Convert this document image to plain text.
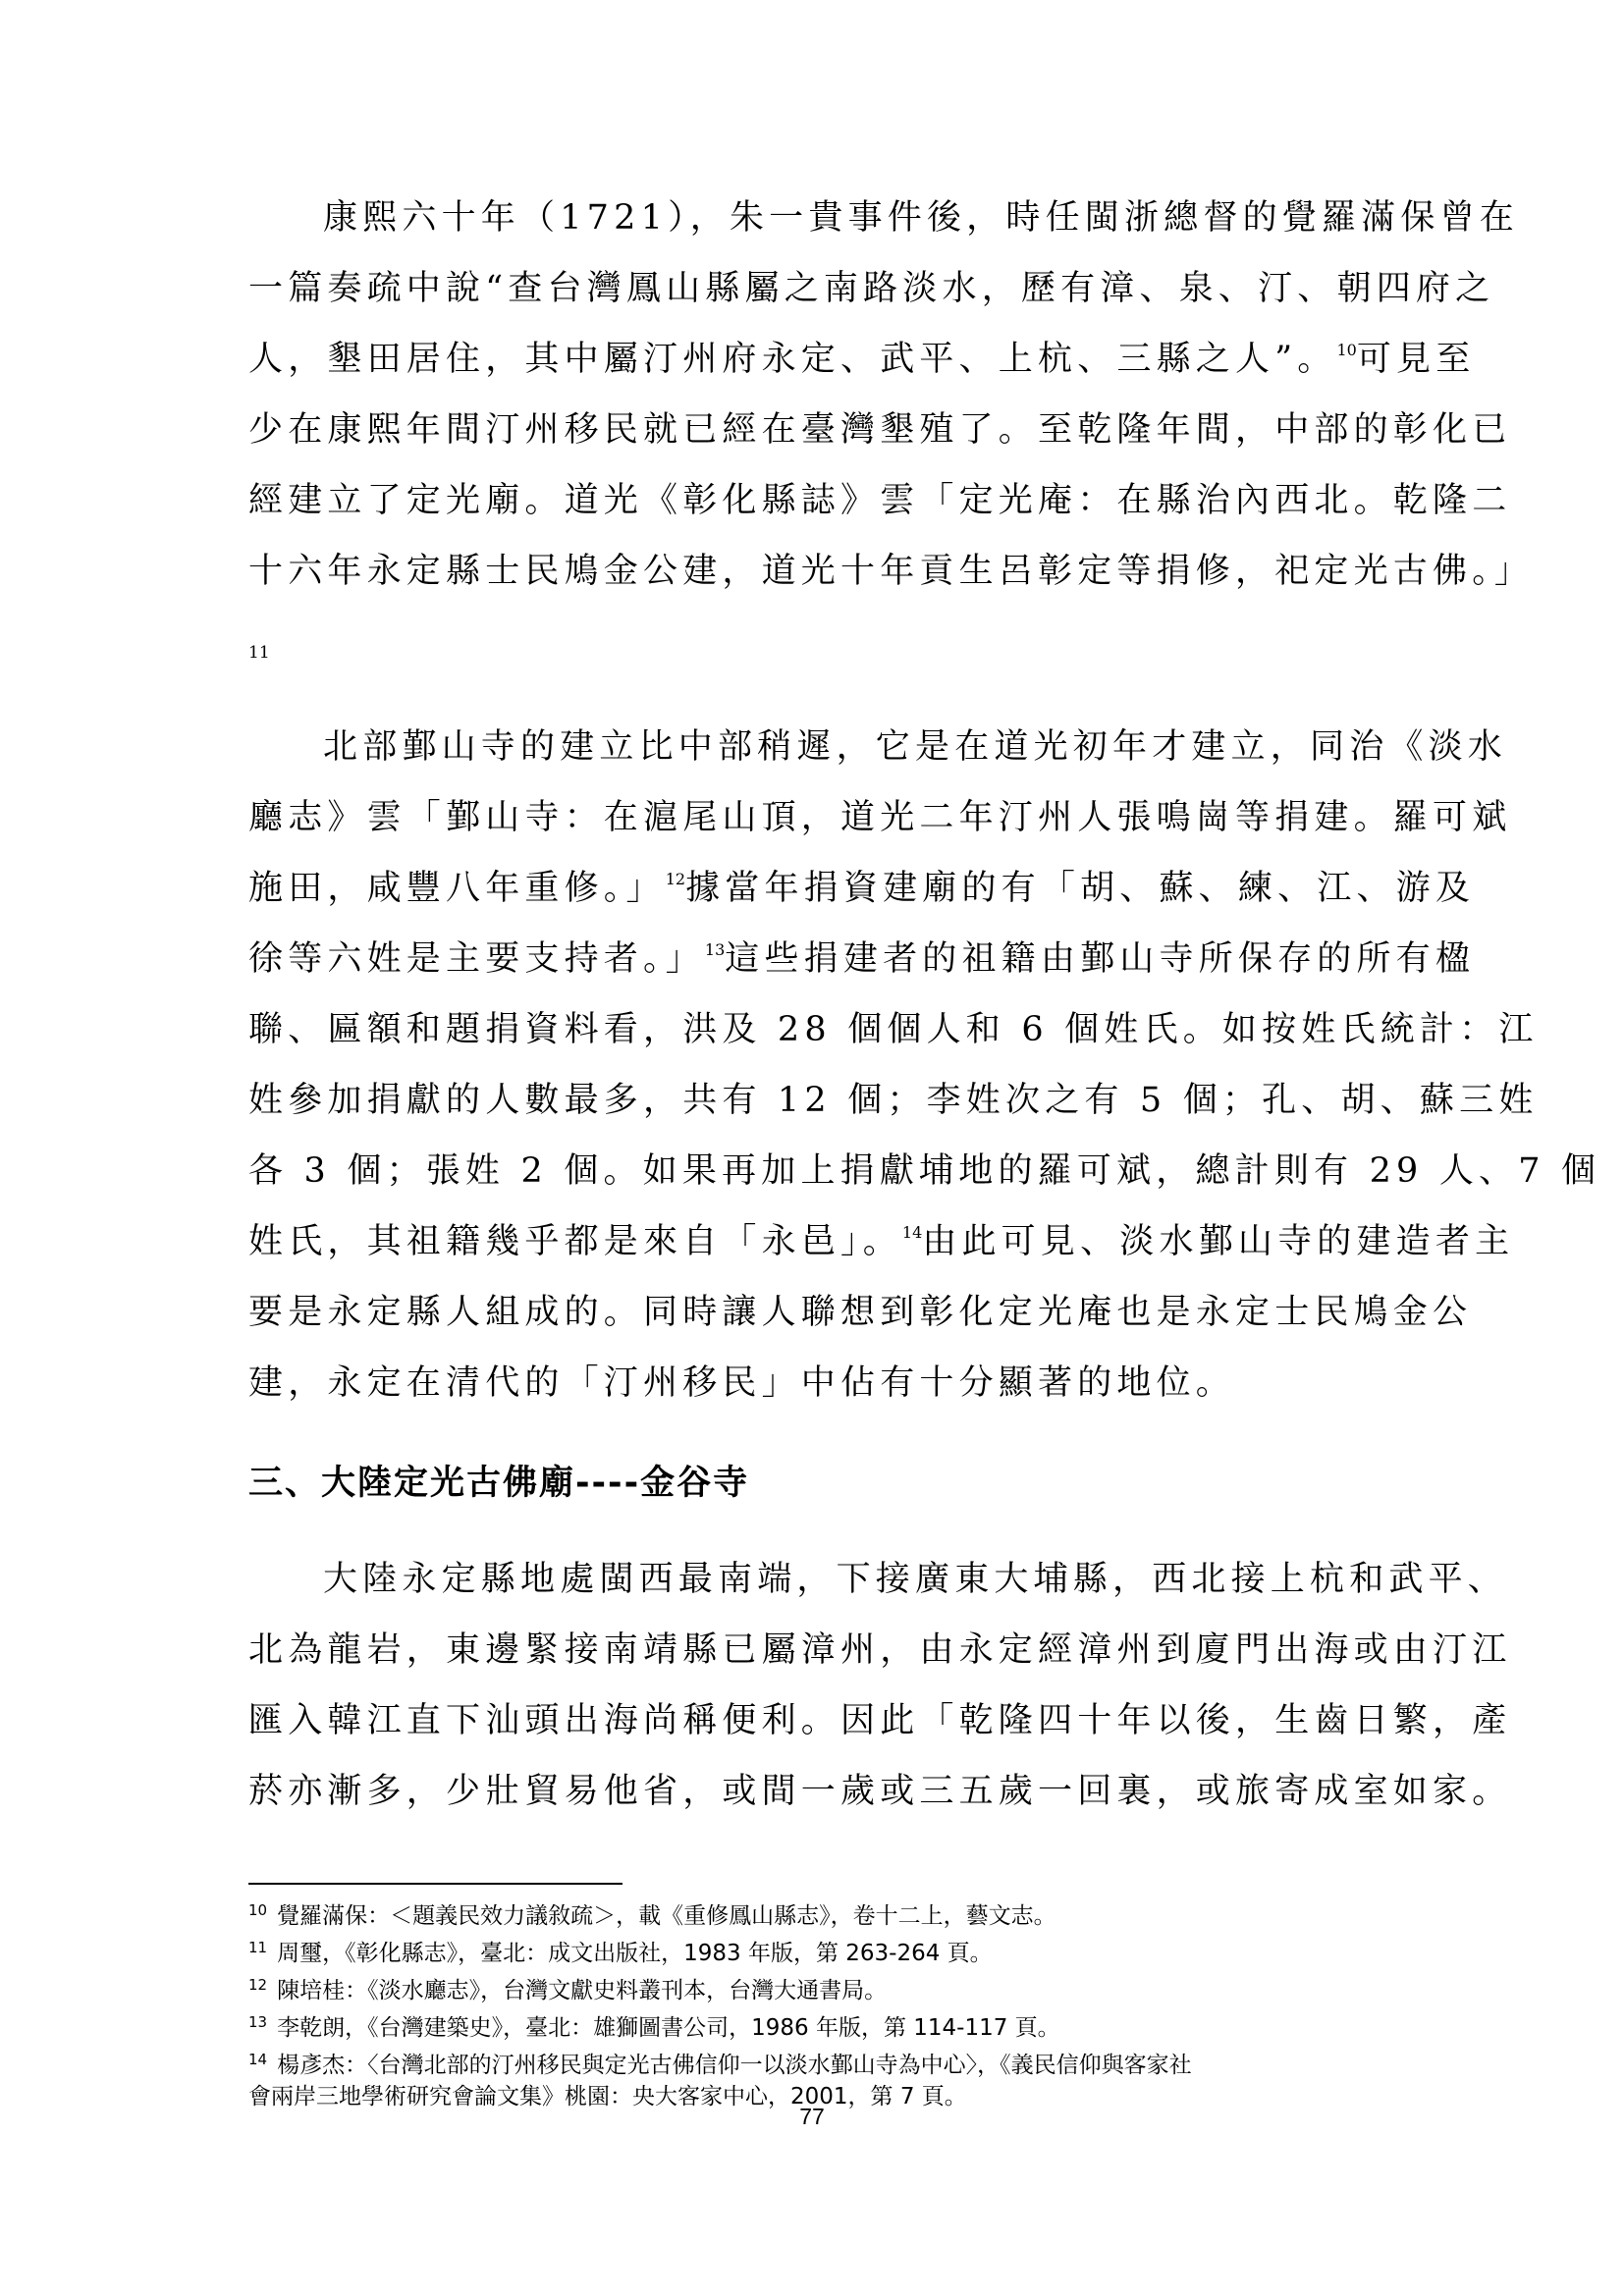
康熙六十年（1721），朱一貴事件後，時任閩浙總督的覺羅滿保曾在
一篇奏疏中說“查台灣鳳山縣屬之南路淡水，歷有漳、泉、汀、朝四府之
人，墾田居住，其中屬汀州府永定、武平、上杭、三縣之人”。$^{10}$可見至
少在康熙年間汀州移民就已經在臺灣墾殖了。至乾隆年間，中部的彰化已
經建立了定光廟。道光《彰化縣誌》雲「定光庵：在縣治內西北。乾隆二
十六年永定縣士民鳩金公建，道光十年貢生呂彰定等捐修，祀定光古佛。」
11
北部鄞山寺的建立比中部稍遲，它是在道光初年才建立，同治《淡水
廳志》雲「鄞山寺：在滬尾山頂，道光二年汀州人張鳴崗等捐建。羅可斌
施田，咸豐八年重修。」$^{12}$據當年捐資建廟的有「胡、蘇、練、江、游及
徐等六姓是主要支持者。」$^{13}$這些捐建者的祖籍由鄞山寺所保存的所有楹
聯、匾額和題捐資料看，洪及 28 個個人和 6 個姓氏。如按姓氏統計：江
姓參加捐獻的人數最多，共有 12 個；李姓次之有 5 個；孔、胡、蘇三姓
各 3 個；張姓 2 個。如果再加上捐獻埔地的羅可斌，總計則有 29 人、7 個
姓氏，其祖籍幾乎都是來自「永邑」。$^{14}$由此可見、淡水鄞山寺的建造者主
要是永定縣人組成的。同時讓人聯想到彰化定光庵也是永定士民鳩金公
建，永定在清代的「汀州移民」中佔有十分顯著的地位。
三、大陸定光古佛廟----金谷寺
大陸永定縣地處閩西最南端，下接廣東大埔縣，西北接上杭和武平、
北為龍岩，東邊緊接南靖縣已屬漳州，由永定經漳州到廈門出海或由汀江
匯入韓江直下汕頭出海尚稱便利。因此「乾隆四十年以後，生齒日繁，產
菸亦漸多，少壯貿易他省，或間一歲或三五歲一回裏，或旅寄成室如家。
$^{10}$ 覺羅滿保：＜題義民效力議敘疏＞，載《重修鳳山縣志》，卷十二上，藝文志。
$^{11}$ 周璽，《彰化縣志》，臺北：成文出版社，1983 年版，第 263-264 頁。
$^{12}$ 陳培桂：《淡水廳志》，台灣文獻史料叢刊本，台灣大通書局。
$^{13}$ 李乾朗，《台灣建築史》，臺北：雄獅圖書公司，1986 年版，第 114-117 頁。
$^{14}$ 楊彥杰：〈台灣北部的汀州移民與定光古佛信仰一以淡水鄞山寺為中心〉，《義民信仰與客家社
會兩岸三地學術研究會論文集》桃園：央大客家中心，2001，第 7 頁。
77
